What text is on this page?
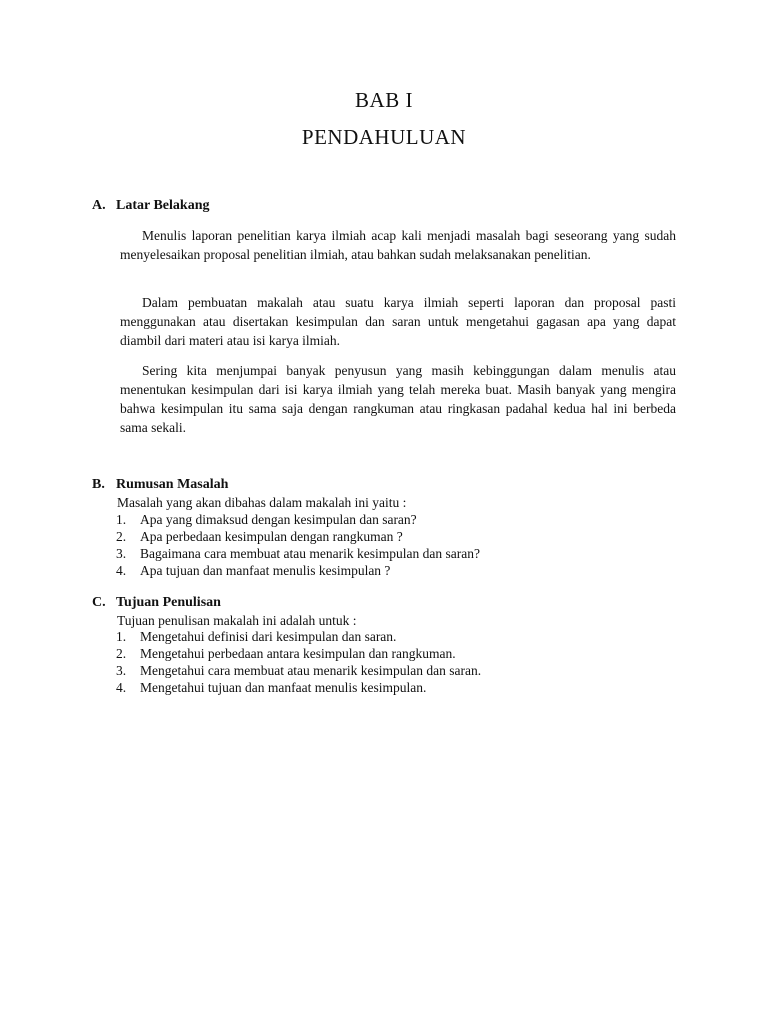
BAB I
PENDAHULUAN
A. Latar Belakang

Menulis laporan penelitian karya ilmiah acap kali menjadi masalah bagi seseorang yang sudah menyelesaikan proposal penelitian ilmiah, atau bahkan sudah melaksanakan penelitian.

Dalam pembuatan makalah atau suatu karya ilmiah seperti laporan dan proposal pasti menggunakan atau disertakan kesimpulan dan saran untuk mengetahui gagasan apa yang dapat diambil dari materi atau isi karya ilmiah.

Sering kita menjumpai banyak penyusun yang masih kebinggungan dalam menulis atau menentukan kesimpulan dari isi karya ilmiah yang telah mereka buat. Masih banyak yang mengira bahwa kesimpulan itu sama saja dengan rangkuman atau ringkasan padahal kedua hal ini berbeda sama sekali.

B. Rumusan Masalah

Masalah yang akan dibahas dalam makalah ini yaitu :

1. Apa yang dimaksud dengan kesimpulan dan saran?
2. Apa perbedaan kesimpulan dengan rangkuman ?
3. Bagaimana cara membuat atau menarik kesimpulan dan saran?
4. Apa tujuan dan manfaat menulis kesimpulan ?
C. Tujuan Penulisan

Tujuan penulisan makalah ini adalah untuk :

1. Mengetahui definisi dari kesimpulan dan saran.
2. Mengetahui perbedaan antara kesimpulan dan rangkuman.
3. Mengetahui cara membuat atau menarik kesimpulan dan saran.
4. Mengetahui tujuan dan manfaat menulis kesimpulan.
